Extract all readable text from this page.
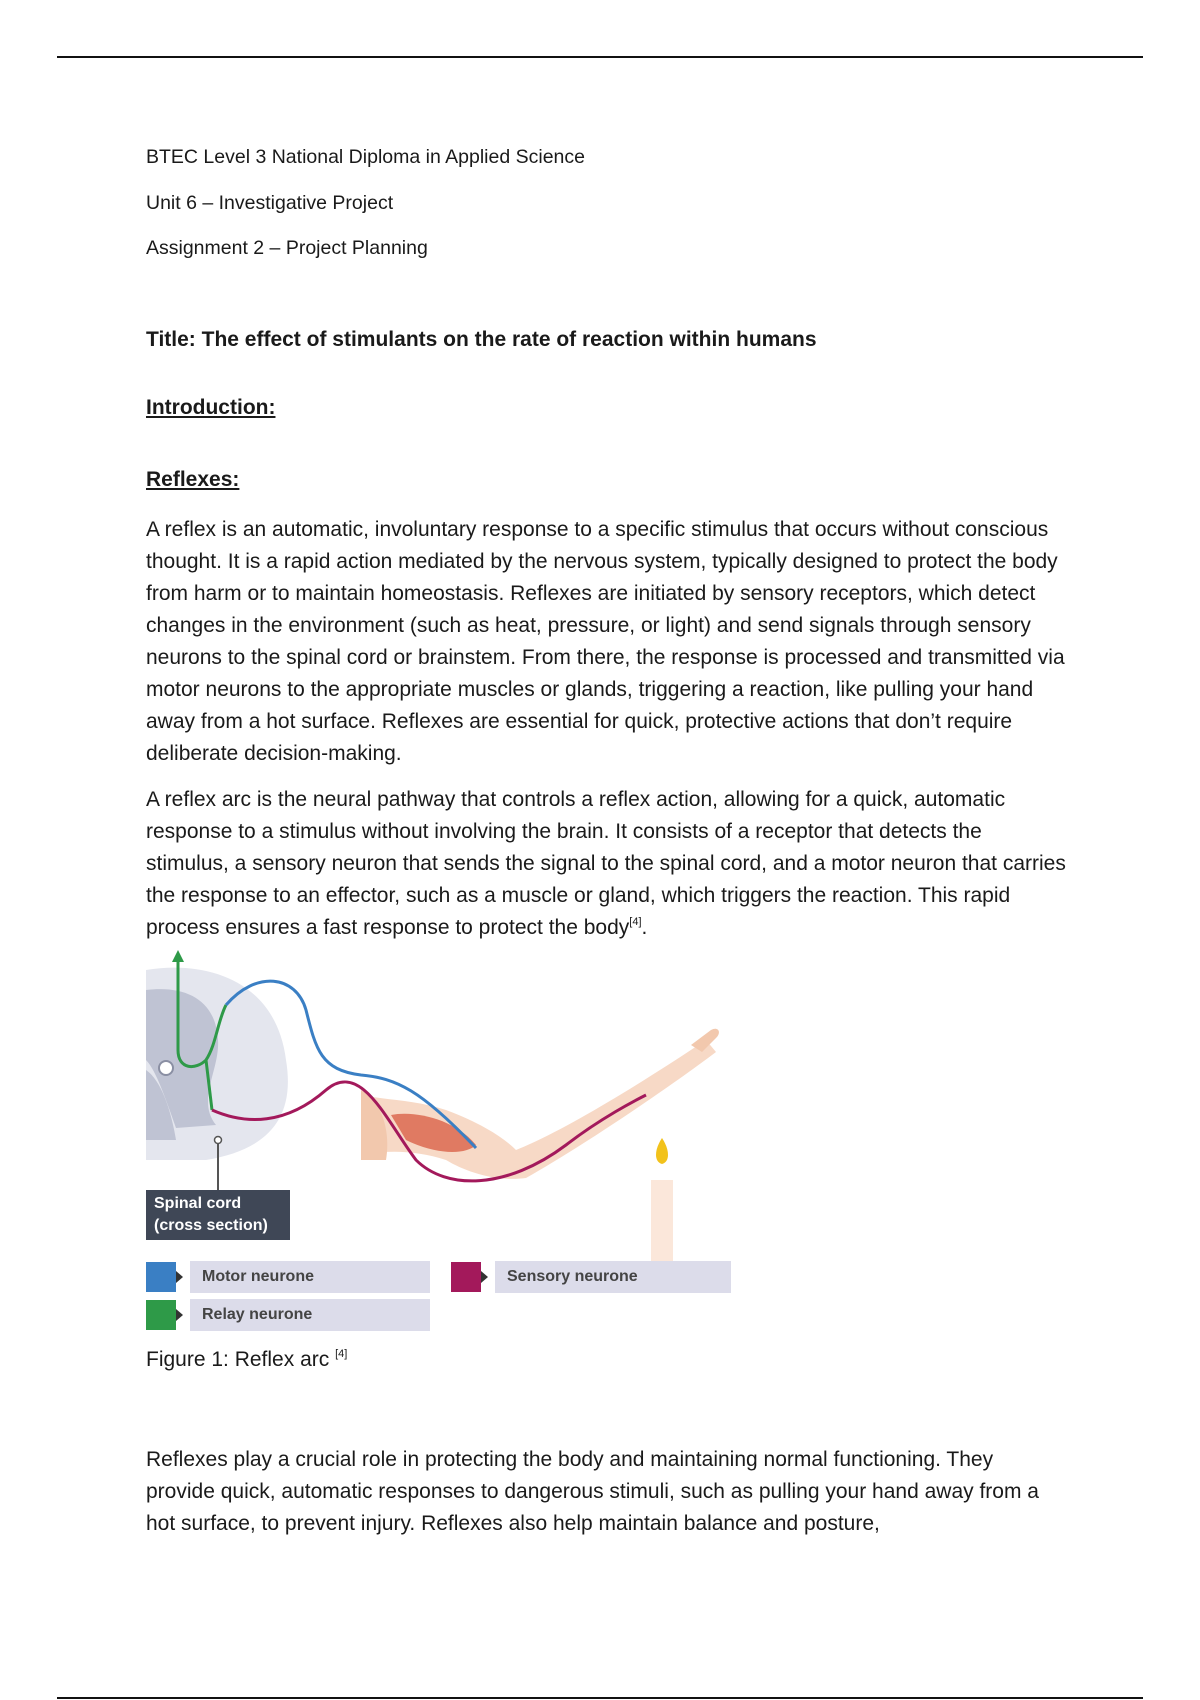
BTEC Level 3 National Diploma in Applied Science
Unit 6 – Investigative Project
Assignment 2 – Project Planning
Title: The effect of stimulants on the rate of reaction within humans
Introduction:
Reflexes:

A reflex is an automatic, involuntary response to a specific stimulus that occurs without conscious thought. It is a rapid action mediated by the nervous system, typically designed to protect the body from harm or to maintain homeostasis. Reflexes are initiated by sensory receptors, which detect changes in the environment (such as heat, pressure, or light) and send signals through sensory neurons to the spinal cord or brainstem. From there, the response is processed and transmitted via motor neurons to the appropriate muscles or glands, triggering a reaction, like pulling your hand away from a hot surface. Reflexes are essential for quick, protective actions that don’t require deliberate decision-making.

A reflex arc is the neural pathway that controls a reflex action, allowing for a quick, automatic response to a stimulus without involving the brain. It consists of a receptor that detects the stimulus, a sensory neuron that sends the signal to the spinal cord, and a motor neuron that carries the response to an effector, such as a muscle or gland, which triggers the reaction. This rapid process ensures a fast response to protect the body[4].

Spinal cord
(cross section)
Motor neurone
Relay neurone
Sensory neurone
Figure 1: Reflex arc [4]

Reflexes play a crucial role in protecting the body and maintaining normal functioning. They provide quick, automatic responses to dangerous stimuli, such as pulling your hand away from a hot surface, to prevent injury. Reflexes also help maintain balance and posture,
